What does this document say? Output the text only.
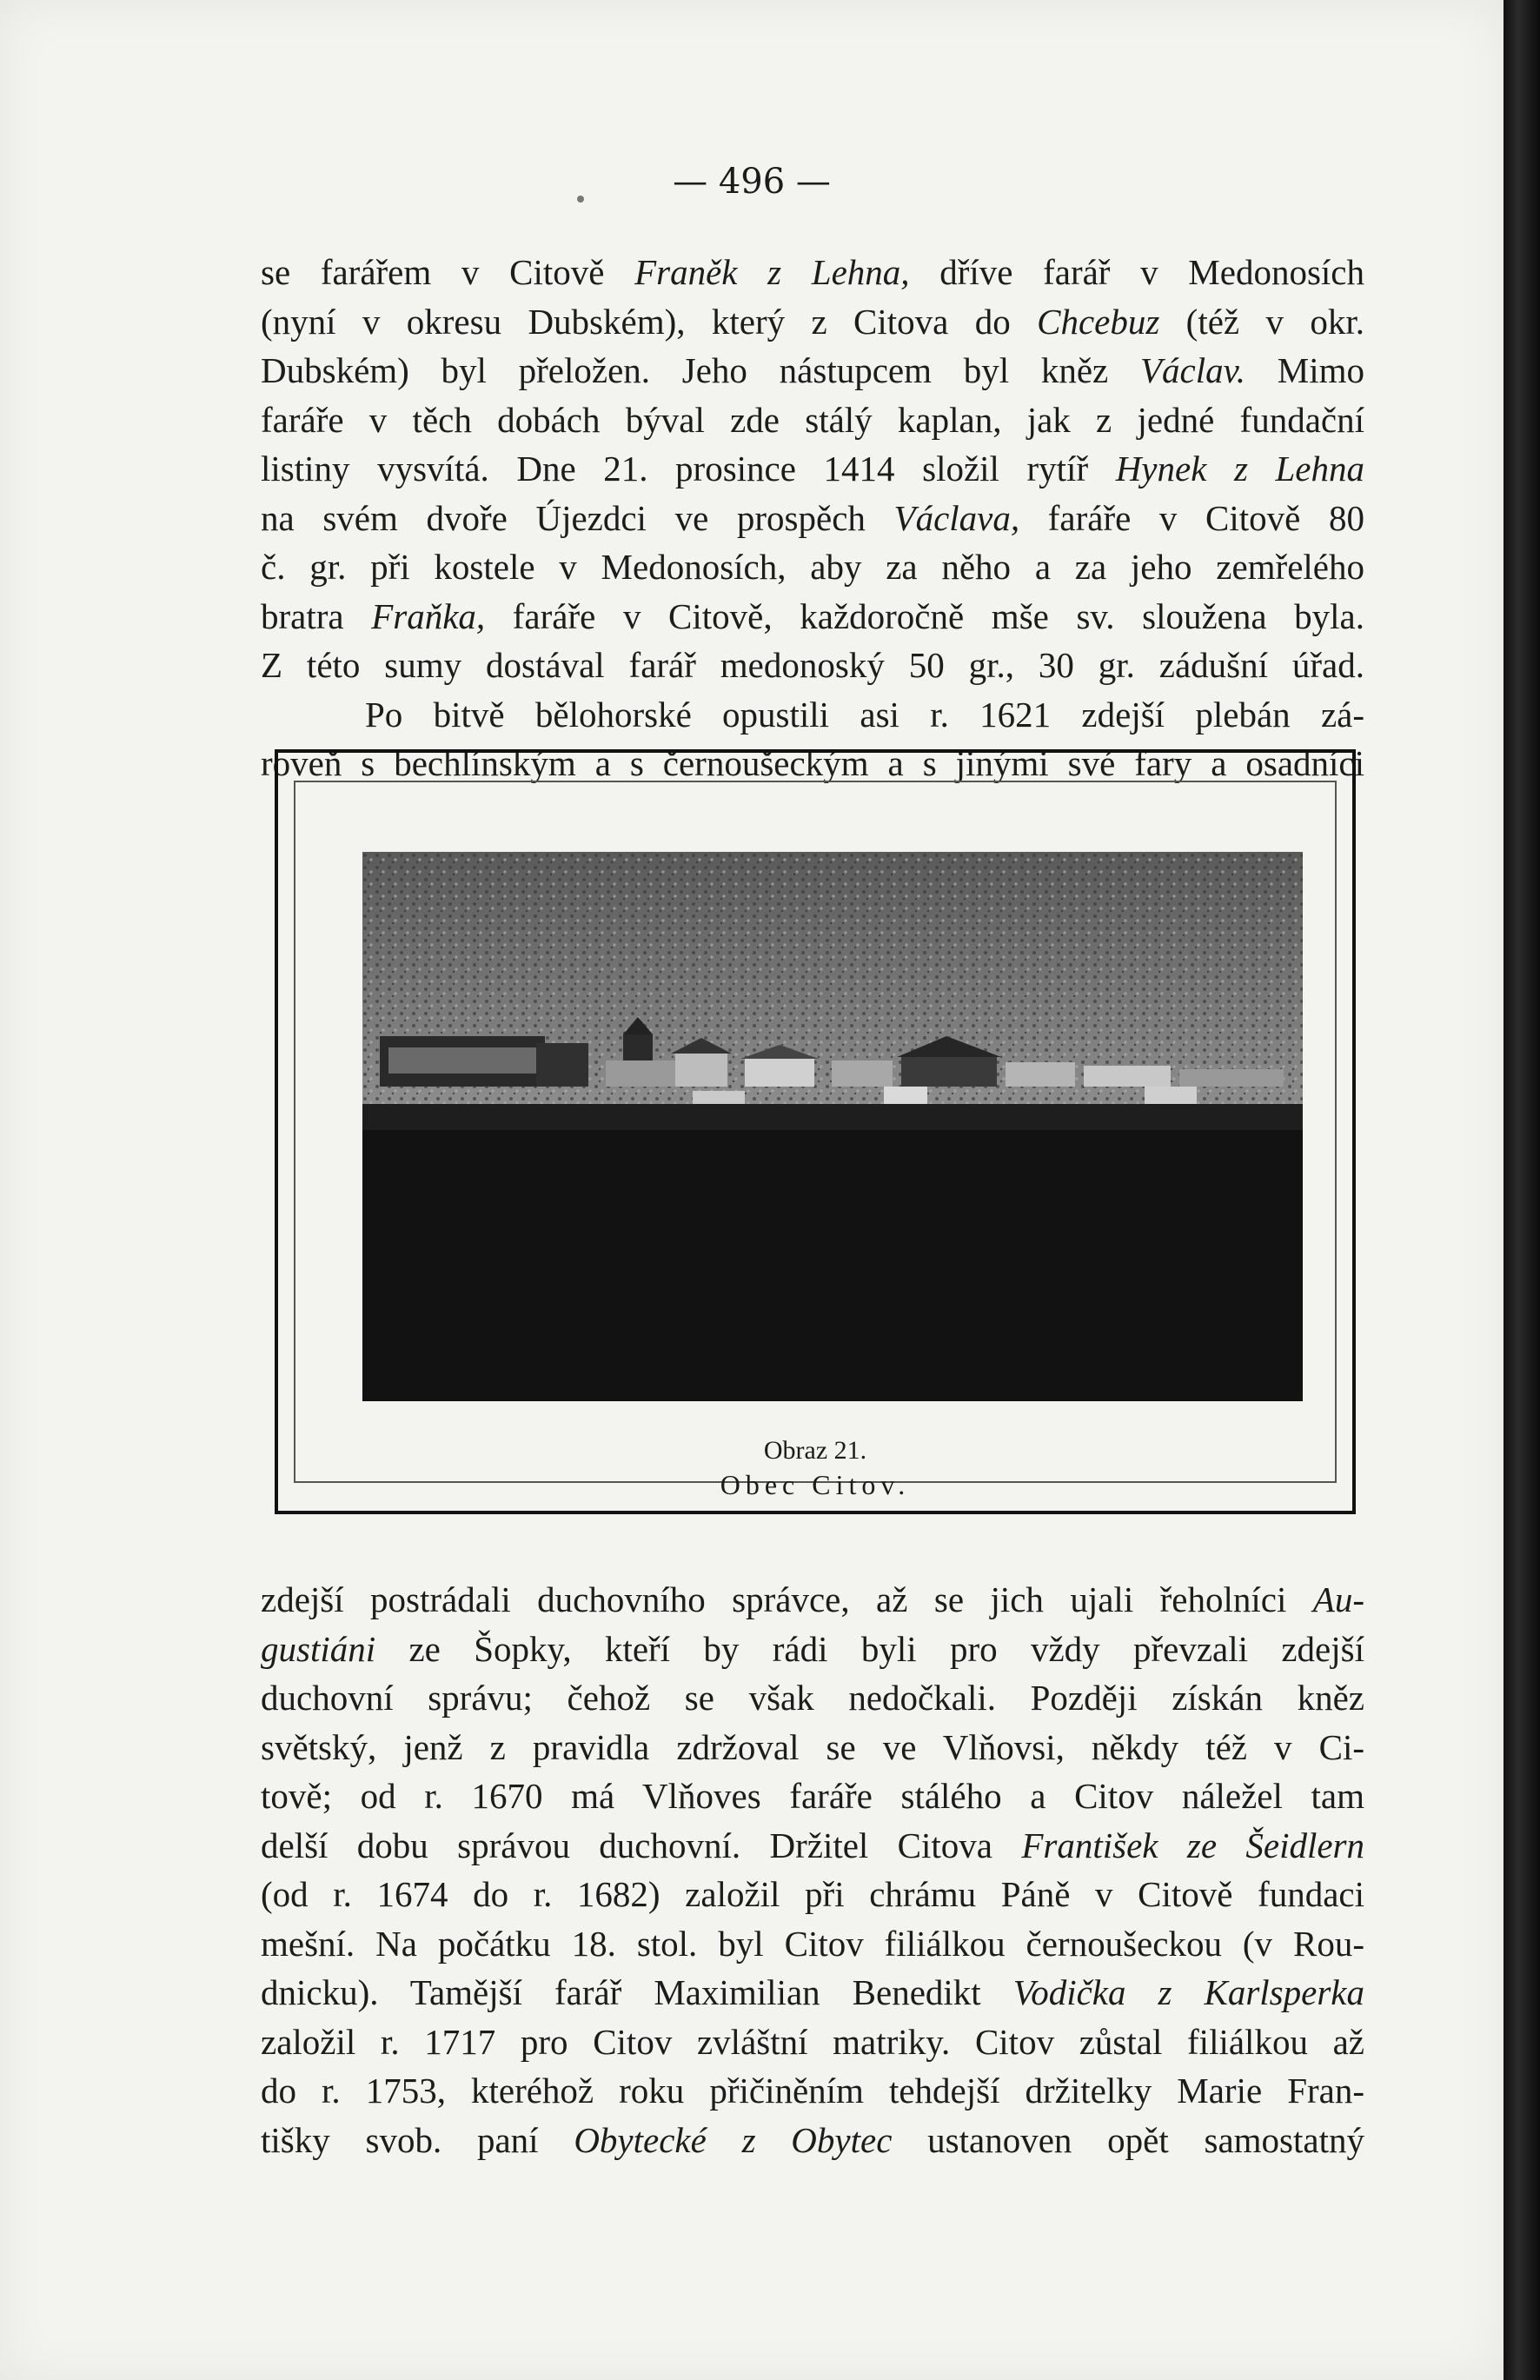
— 496 —
se farářem v Citově Franěk z Lehna, dříve farář v Medonosích
(nyní v okresu Dubském), který z Citova do Chcebuz (též v okr.
Dubském) byl přeložen. Jeho nástupcem byl kněz Václav. Mimo
faráře v těch dobách býval zde stálý kaplan, jak z jedné fundační
listiny vysvítá. Dne 21. prosince 1414 složil rytíř Hynek z Lehna
na svém dvoře Újezdci ve prospěch Václava, faráře v Citově 80
č. gr. při kostele v Medonosích, aby za něho a za jeho zemřelého
bratra Fraňka, faráře v Citově, každoročně mše sv. sloužena byla.
Z této sumy dostával farář medonoský 50 gr., 30 gr. zádušní úřad.
Po bitvě bělohorské opustili asi r. 1621 zdejší plebán zá-
roveň s bechlínským a s černoušeckým a s jinými své fary a osadníci
Obraz 21.
Obec Citov.
zdejší postrádali duchovního správce, až se jich ujali řeholníci Au-
gustiáni ze Šopky, kteří by rádi byli pro vždy převzali zdejší
duchovní správu; čehož se však nedočkali. Později získán kněz
světský, jenž z pravidla zdržoval se ve Vlňovsi, někdy též v Ci-
tově; od r. 1670 má Vlňoves faráře stálého a Citov náležel tam
delší dobu správou duchovní. Držitel Citova František ze Šeidlern
(od r. 1674 do r. 1682) založil při chrámu Páně v Citově fundaci
mešní. Na počátku 18. stol. byl Citov filiálkou černoušeckou (v Rou-
dnicku). Tamější farář Maximilian Benedikt Vodička z Karlsperka
založil r. 1717 pro Citov zvláštní matriky. Citov zůstal filiálkou až
do r. 1753, kteréhož roku přičiněním tehdejší držitelky Marie Fran-
tišky svob. paní Obytecké z Obytec ustanoven opět samostatný
